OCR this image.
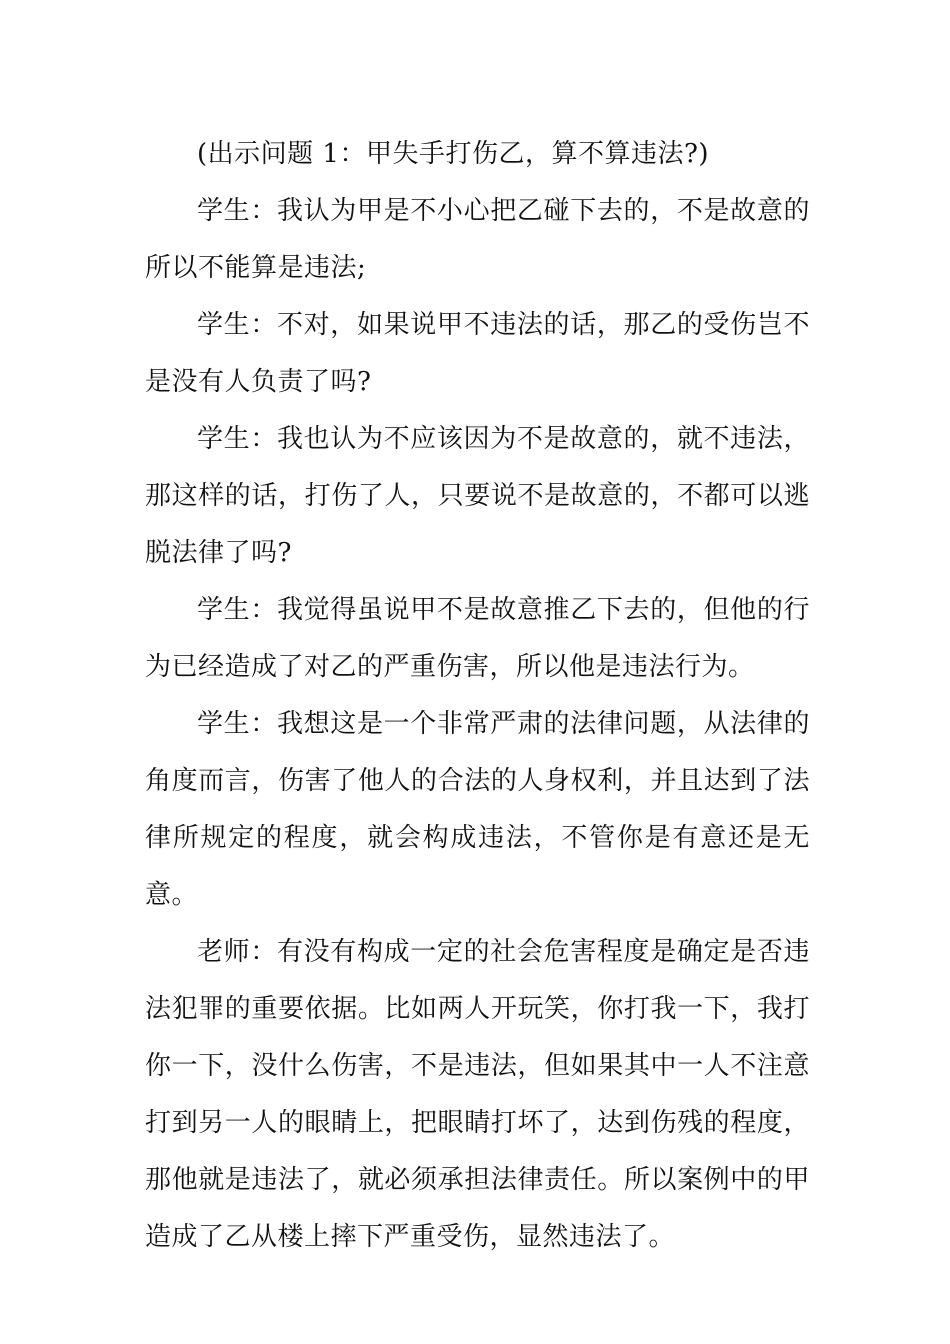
(出示问题 1：甲失手打伤乙，算不算违法?)

学生：我认为甲是不小心把乙碰下去的，不是故意的所以不能算是违法;

学生：不对，如果说甲不违法的话，那乙的受伤岂不是没有人负责了吗?

学生：我也认为不应该因为不是故意的，就不违法，那这样的话，打伤了人，只要说不是故意的，不都可以逃脱法律了吗?

学生：我觉得虽说甲不是故意推乙下去的，但他的行为已经造成了对乙的严重伤害，所以他是违法行为。

学生：我想这是一个非常严肃的法律问题，从法律的角度而言，伤害了他人的合法的人身权利，并且达到了法律所规定的程度，就会构成违法，不管你是有意还是无意。

老师：有没有构成一定的社会危害程度是确定是否违法犯罪的重要依据。比如两人开玩笑，你打我一下，我打你一下，没什么伤害，不是违法，但如果其中一人不注意打到另一人的眼睛上，把眼睛打坏了，达到伤残的程度，那他就是违法了，就必须承担法律责任。所以案例中的甲造成了乙从楼上摔下严重受伤，显然违法了。
